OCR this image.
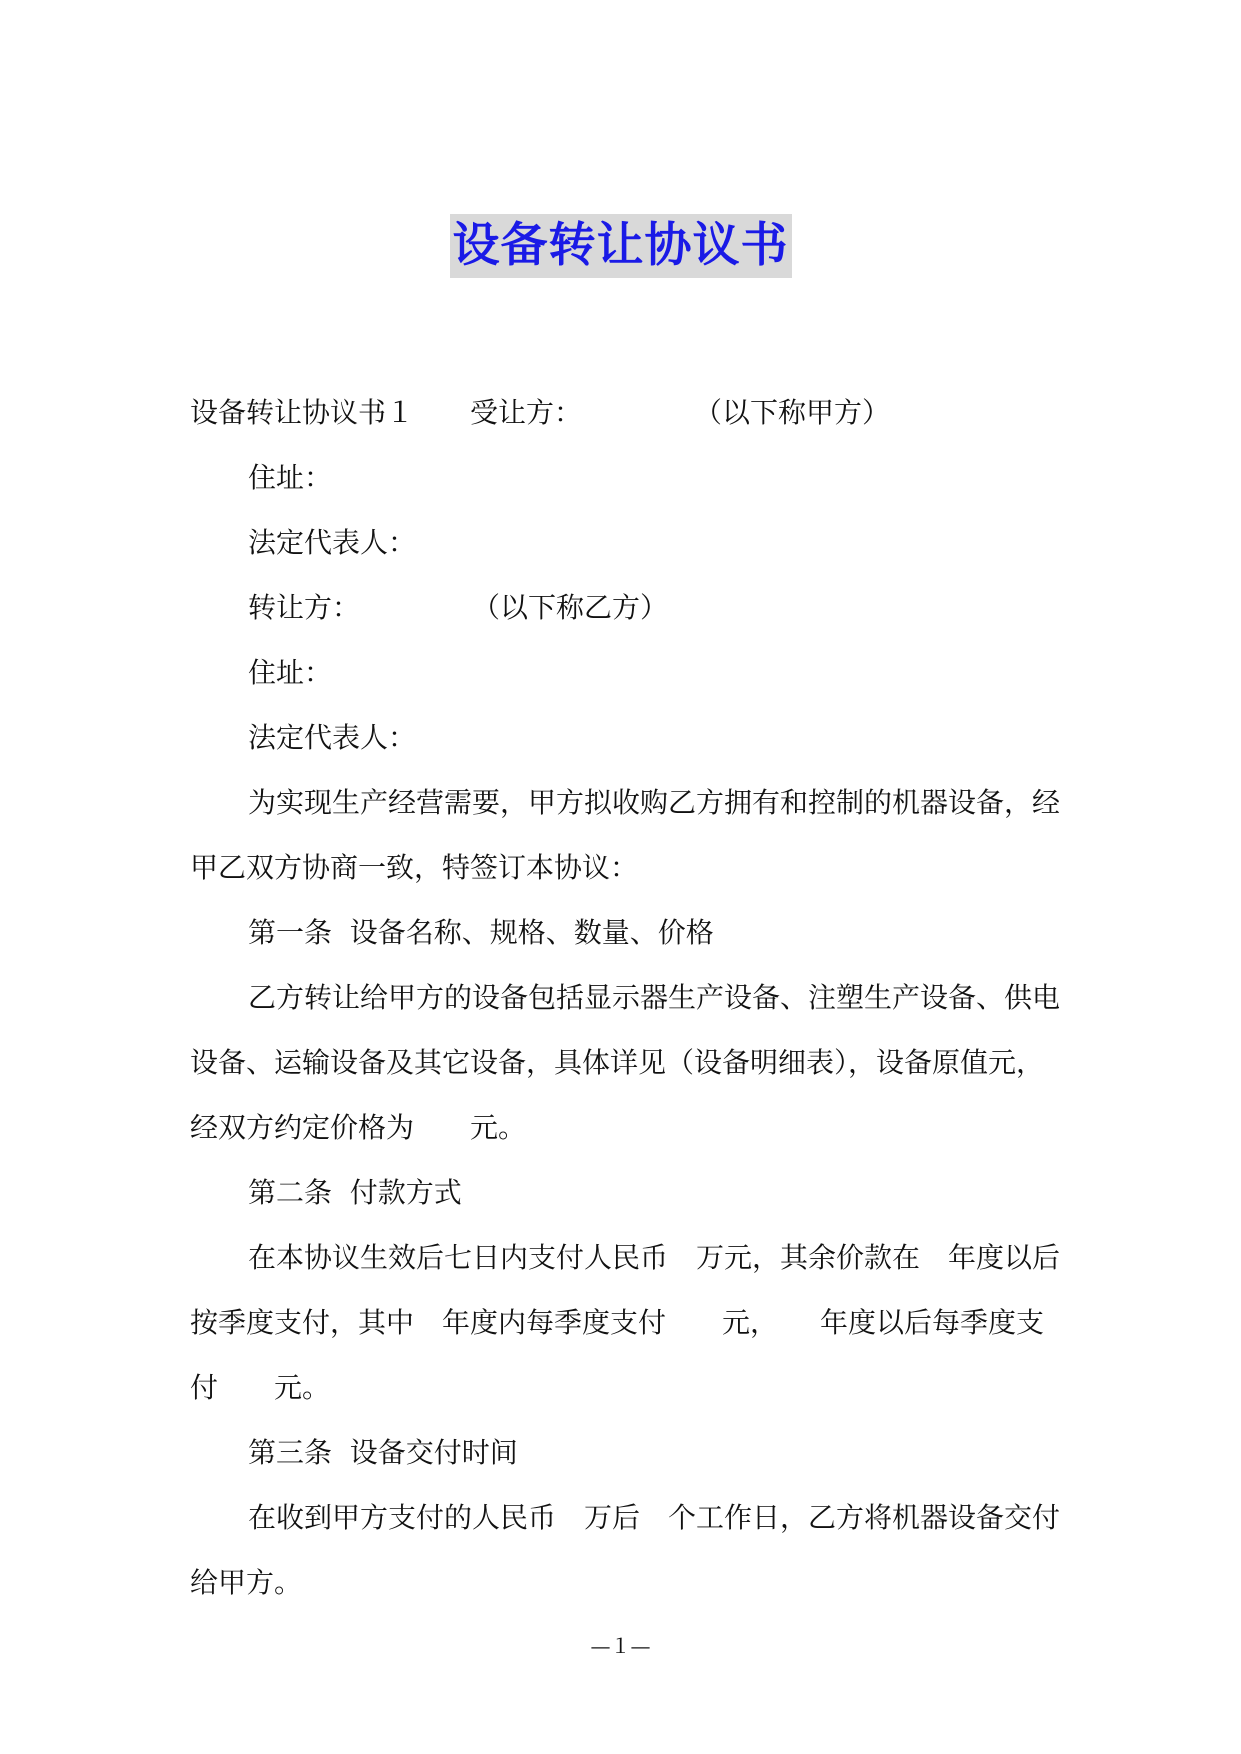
设备转让协议书

设备转让协议书１　　受让方：　　　　　（以下称甲方）

住址：

法定代表人：

转让方：　　　　　（以下称乙方）

住址：

法定代表人：

为实现生产经营需要，甲方拟收购乙方拥有和控制的机器设备，经甲乙双方协商一致，特签订本协议：

第一条  设备名称、规格、数量、价格

乙方转让给甲方的设备包括显示器生产设备、注塑生产设备、供电设备、运输设备及其它设备，具体详见（设备明细表），设备原值元，经双方约定价格为　　元。

第二条  付款方式

在本协议生效后七日内支付人民币　万元，其余价款在　年度以后按季度支付，其中　年度内每季度支付　　元，　　年度以后每季度支付　　元。

第三条  设备交付时间

在收到甲方支付的人民币　万后　个工作日，乙方将机器设备交付给甲方。

—１—
